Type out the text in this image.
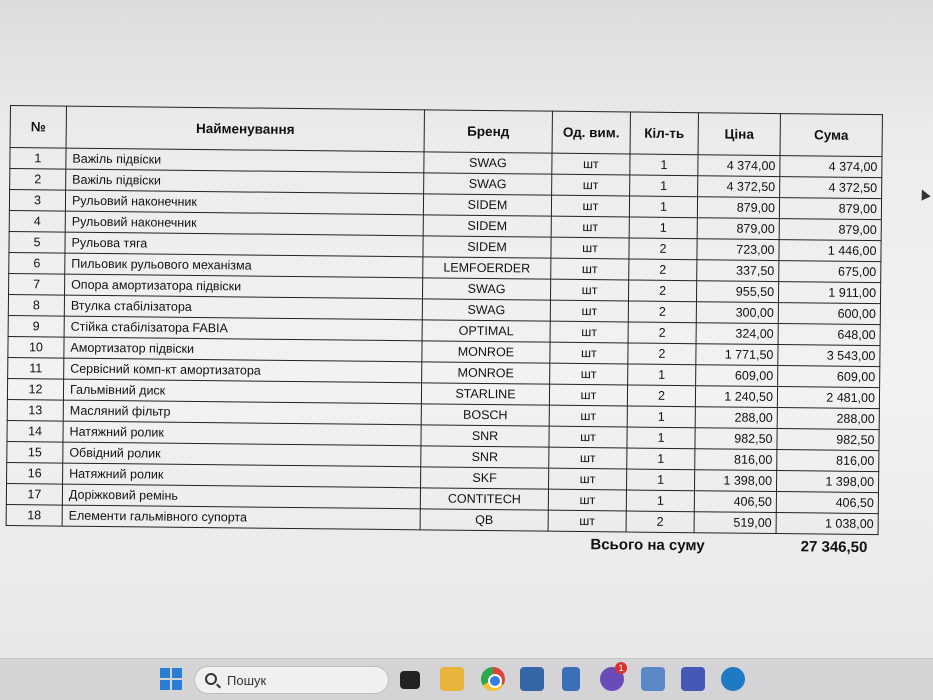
№	Найменування	Бренд	Од. вим.	Кіл-ть	Ціна	Сума
1	Важіль підвіски	SWAG	шт	1	4 374,00	4 374,00
2	Важіль підвіски	SWAG	шт	1	4 372,50	4 372,50
3	Рульовий наконечник	SIDEM	шт	1	879,00	879,00
4	Рульовий наконечник	SIDEM	шт	1	879,00	879,00
5	Рульова тяга	SIDEM	шт	2	723,00	1 446,00
6	Пильовик рульового механізма	LEMFOERDER	шт	2	337,50	675,00
7	Опора амортизатора підвіски	SWAG	шт	2	955,50	1 911,00
8	Втулка стабілізатора	SWAG	шт	2	300,00	600,00
9	Стійка стабілізатора FABIA	OPTIMAL	шт	2	324,00	648,00
10	Амортизатор підвіски	MONROE	шт	2	1 771,50	3 543,00
11	Сервісний комп-кт амортизатора	MONROE	шт	1	609,00	609,00
12	Гальмівний диск	STARLINE	шт	2	1 240,50	2 481,00
13	Масляний фільтр	BOSCH	шт	1	288,00	288,00
14	Натяжний ролик	SNR	шт	1	982,50	982,50
15	Обвідний ролик	SNR	шт	1	816,00	816,00
16	Натяжний ролик	SKF	шт	1	1 398,00	1 398,00
17	Доріжковий ремінь	CONTITECH	шт	1	406,50	406,50
18	Елементи гальмівного супорта	QB	шт	2	519,00	1 038,00
Всього на суму	27 346,50
Пошук
1
